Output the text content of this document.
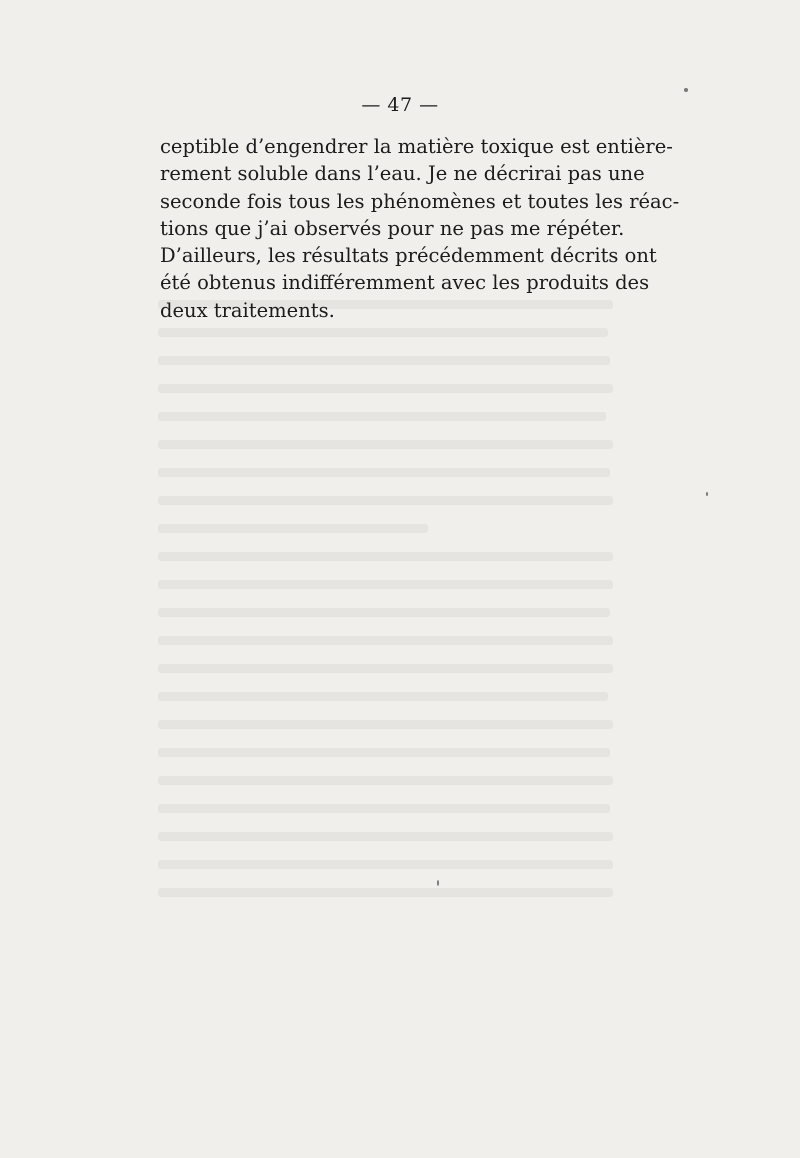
— 47 —
ceptible d’engendrer la matière toxique est entière-
rement soluble dans l’eau. Je ne décrirai pas une
seconde fois tous les phénomènes et toutes les réac-
tions que j’ai observés pour ne pas me répéter.
D’ailleurs, les résultats précédemment décrits ont
été obtenus indifféremment avec les produits des
deux traitements.
